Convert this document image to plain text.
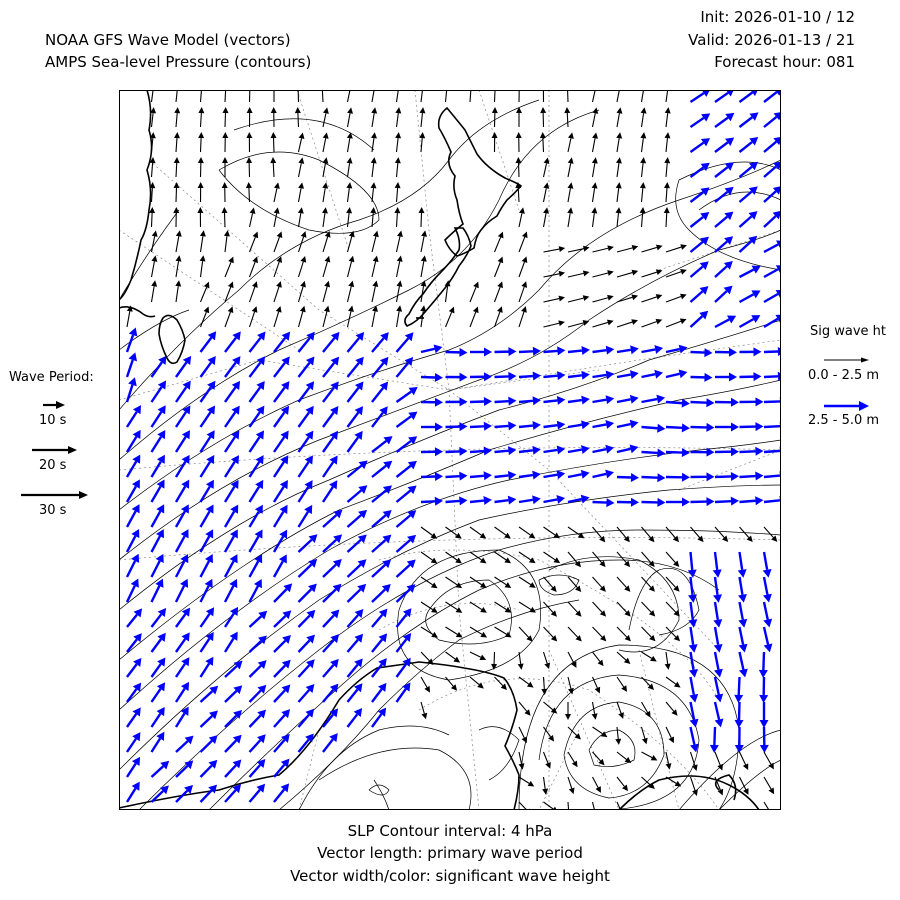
NOAA GFS Wave Model (vectors)
AMPS Sea-level Pressure (contours)
Init: 2026-01-10 / 12
Valid: 2026-01-13 / 21
Forecast hour: 081
Wave Period:
10 s
20 s
30 s
Sig wave ht
0.0 - 2.5 m
2.5 - 5.0 m
SLP Contour interval: 4 hPa
Vector length: primary wave period
Vector width/color: significant wave height
